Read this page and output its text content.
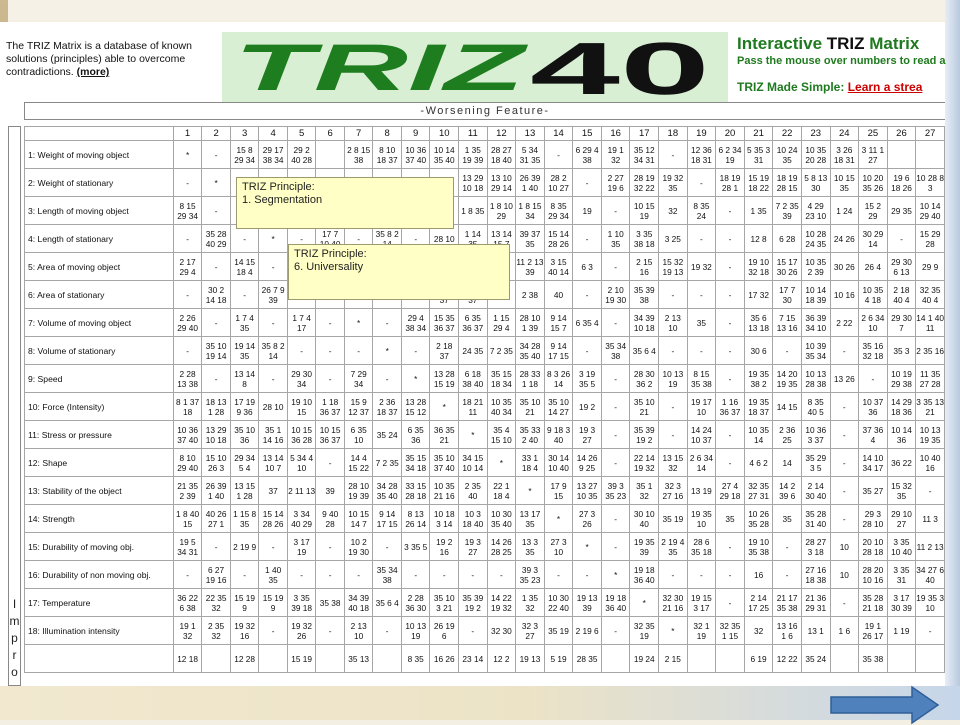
The TRIZ Matrix is a database of known solutions (principles) able to overcome contradictions. (more)	TRIZ 40 Interactive TRIZ Matrix
Pass the mouse over numbers to read a
TRIZ Made Simple: Learn a strea
-Worsening Feature-
I
m
p
r
o
	1	2	3	4	5	6	7	8	9	10	11	12	13	14	15	16	17	18	19	20	21	22	23	24	25	26	27
1: Weight of moving object	*	-	15 8 29 34	29 17 38 34	29 2 40 28		2 8 15 38	8 10 18 37	10 36 37 40	10 14 35 40	1 35 19 39	28 27 18 40	5 34 31 35	-	6 29 4 38	19 1 32	35 12 34 31	-	12 36 18 31	6 2 34 19	5 35 3 31	10 24 35	10 35 20 28	3 26 18 31	3 11 1 27		
2: Weight of stationary	-	*									13 29 10 18	13 10 29 14	26 39 1 40	28 2 10 27	-	2 27 19 6	28 19 32 22	19 32 35	-	18 19 28 1	15 19 18 22	18 19 28 15	5 8 13 30	10 15 35	10 20 35 26	19 6 18 26	10 28 8 3
3: Length of moving object	8 15 29 34	-									1 8 35	1 8 10 29	1 8 15 34	8 35 29 34	19	-	10 15 19	32	8 35 24	-	1 35	7 2 35 39	4 29 23 10	1 24	15 2 29	29 35	10 14 29 40
4: Length of stationary	-	35 28 40 29	-	*	-	17 7	-	35 8 2	-	28 10	1 14	13 14	39 37 35	15 14 28 26	-	1 10 35	3 35 38 18	3 25	-	-	12 8	6 28	10 28 24 35	24 26	30 29 14	-	15 29 28
5: Area of moving object	2 17 29 4	-	14 15 18 4	-									11 2 13 39	3 15 40 14	6 3	-	2 15 16	15 32 19 13	19 32	-	19 10 32 18	15 17 30 26	10 35 2 39	30 26	26 4	29 30 6 13	29 9
6: Area of stationary	-	30 2 14 18	-	26 7 9 39									2 38	40	-	2 10 19 30	35 39 38	-	-	-	17 32	17 7 30	10 14 18 39	10 16	10 35 4 18	2 18 40 4	32 35 40 4
7: Volume of moving object	2 26 29 40	-	1 7 4 35	-	1 7 4 17	-	*	-	29 4 38 34	15 35 36 37	6 35 36 37	1 15 29 4	28 10 1 39	9 14 15 7	6 35 4	-	34 39 10 18	2 13 10	35	-	35 6 13 18	7 15 13 16	36 39 34 10	2 22	2 6 34 10	29 30 7	14 1 40 11
8: Volume of stationary	-	35 10 19 14	19 14 35	35 8 2 14	-	-	-	*	-	2 18 37	24 35	7 2 35	34 28 35 40	9 14 17 15	-	35 34 38	35 6 4	-	-	-	30 6	-	10 39 35 34	-	35 16 32 18	35 3	2 35 16
9: Speed	2 28 13 38	-	13 14 8	-	29 30 34	-	7 29 34	-	*	13 28 15 19	6 18 38 40	35 15 18 34	28 33 1 18	8 3 26 14	3 19 35 5	-	28 30 36 2	10 13 19	8 15 35 38	-	19 35 38 2	14 20 19 35	10 13 28 38	13 26	-	10 19 29 38	11 35 27 28
10: Force (Intensity)	8 1 37 18	18 13 1 28	17 19 9 36	28 10	19 10 15	1 18 36 37	15 9 12 37	2 36 18 37	13 28 15 12	*	18 21 11	10 35 40 34	35 10 21	35 10 14 27	19 2	-	35 10 21	-	19 17 10	1 16 36 37	19 35 18 37	14 15	8 35 40 5	-	10 37 36	14 29 18 36	3 35 13 21
11: Stress or pressure	10 36 37 40	13 29 10 18	35 10 36	35 1 14 16	10 15 36 28	10 15 36 37	6 35 10	35 24	6 35 36	36 35 21	*	35 4 15 10	35 33 2 40	9 18 3 40	19 3 27	-	35 39 19 2	-	14 24 10 37	-	10 35 14	2 36 25	10 36 3 37	-	37 36 4	10 14 36	10 13 19 35
12: Shape	8 10 29 40	15 10 26 3	29 34 5 4	13 14 10 7	5 34 4 10	-	14 4 15 22	7 2 35	35 15 34 18	35 10 37 40	34 15 10 14	*	33 1 18 4	30 14 10 40	14 26 9 25	-	22 14 19 32	13 15 32	2 6 34 14	-	4 6 2	14	35 29 3 5	-	14 10 34 17	36 22	10 40 16
13: Stability of the object	21 35 2 39	26 39 1 40	13 15 1 28	37	2 11 13	39	28 10 19 39	34 28 35 40	33 15 28 18	10 35 21 16	2 35 40	22 1 18 4	*	17 9 15	13 27 10 35	39 3 35 23	35 1 32	32 3 27 16	13 19	27 4 29 18	32 35 27 31	14 2 39 6	2 14 30 40	-	35 27	15 32 35	-
14: Strength	1 8 40 15	40 26 27 1	1 15 8 35	15 14 28 26	3 34 40 29	9 40 28	10 15 14 7	9 14 17 15	8 13 26 14	10 18 3 14	10 3 18 40	10 30 35 40	13 17 35	*	27 3 26	-	30 10 40	35 19	19 35 10	35	10 26 35 28	35	35 28 31 40	-	29 3 28 10	29 10 27	11 3
15: Durability of moving obj.	19 5 34 31	-	2 19 9	-	3 17 19	-	10 2 19 30	-	3 35 5	19 2 16	19 3 27	14 26 28 25	13 3 35	27 3 10	*	-	19 35 39	2 19 4 35	28 6 35 18	-	19 10 35 38	-	28 27 3 18	10	20 10 28 18	3 35 10 40	11 2 13
16: Durability of non moving obj.	-	6 27 19 16	-	1 40 35	-	-	-	35 34 38	-	-	-	-	39 3 35 23	-	-	*	19 18 36 40	-	-	-	16	-	27 16 18 38	10	28 20 10 16	3 35 31	34 27 6 40
17: Temperature	36 22 6 38	22 35 32	15 19 9	15 19 9	3 35 39 18	35 38	34 39 40 18	35 6 4	2 28 36 30	35 10 3 21	35 39 19 2	14 22 19 32	1 35 32	10 30 22 40	19 13 39	19 18 36 40	*	32 30 21 16	19 15 3 17	-	2 14 17 25	21 17 35 38	21 36 29 31	-	35 28 21 18	3 17 30 39	19 35 3 10
18: Illumination intensity	19 1 32	2 35 32	19 32 16	-	19 32 26	-	2 13 10	-	10 13 19	26 19 6	-	32 30	32 3 27	35 19	2 19 6	-	32 35 19	*	32 1 19	32 35 1 15	32	13 16 1 6	13 1	1 6	19 1 26 17	1 19	-
	12 18		12 28		15 19		35 13		8 35	16 26	23 14	12 2	19 13	5 19	28 35		19 24	2 15			6 19	12 22	35 24		35 38		
TRIZ Principle:
1. Segmentation
TRIZ Principle:
6. Universality
